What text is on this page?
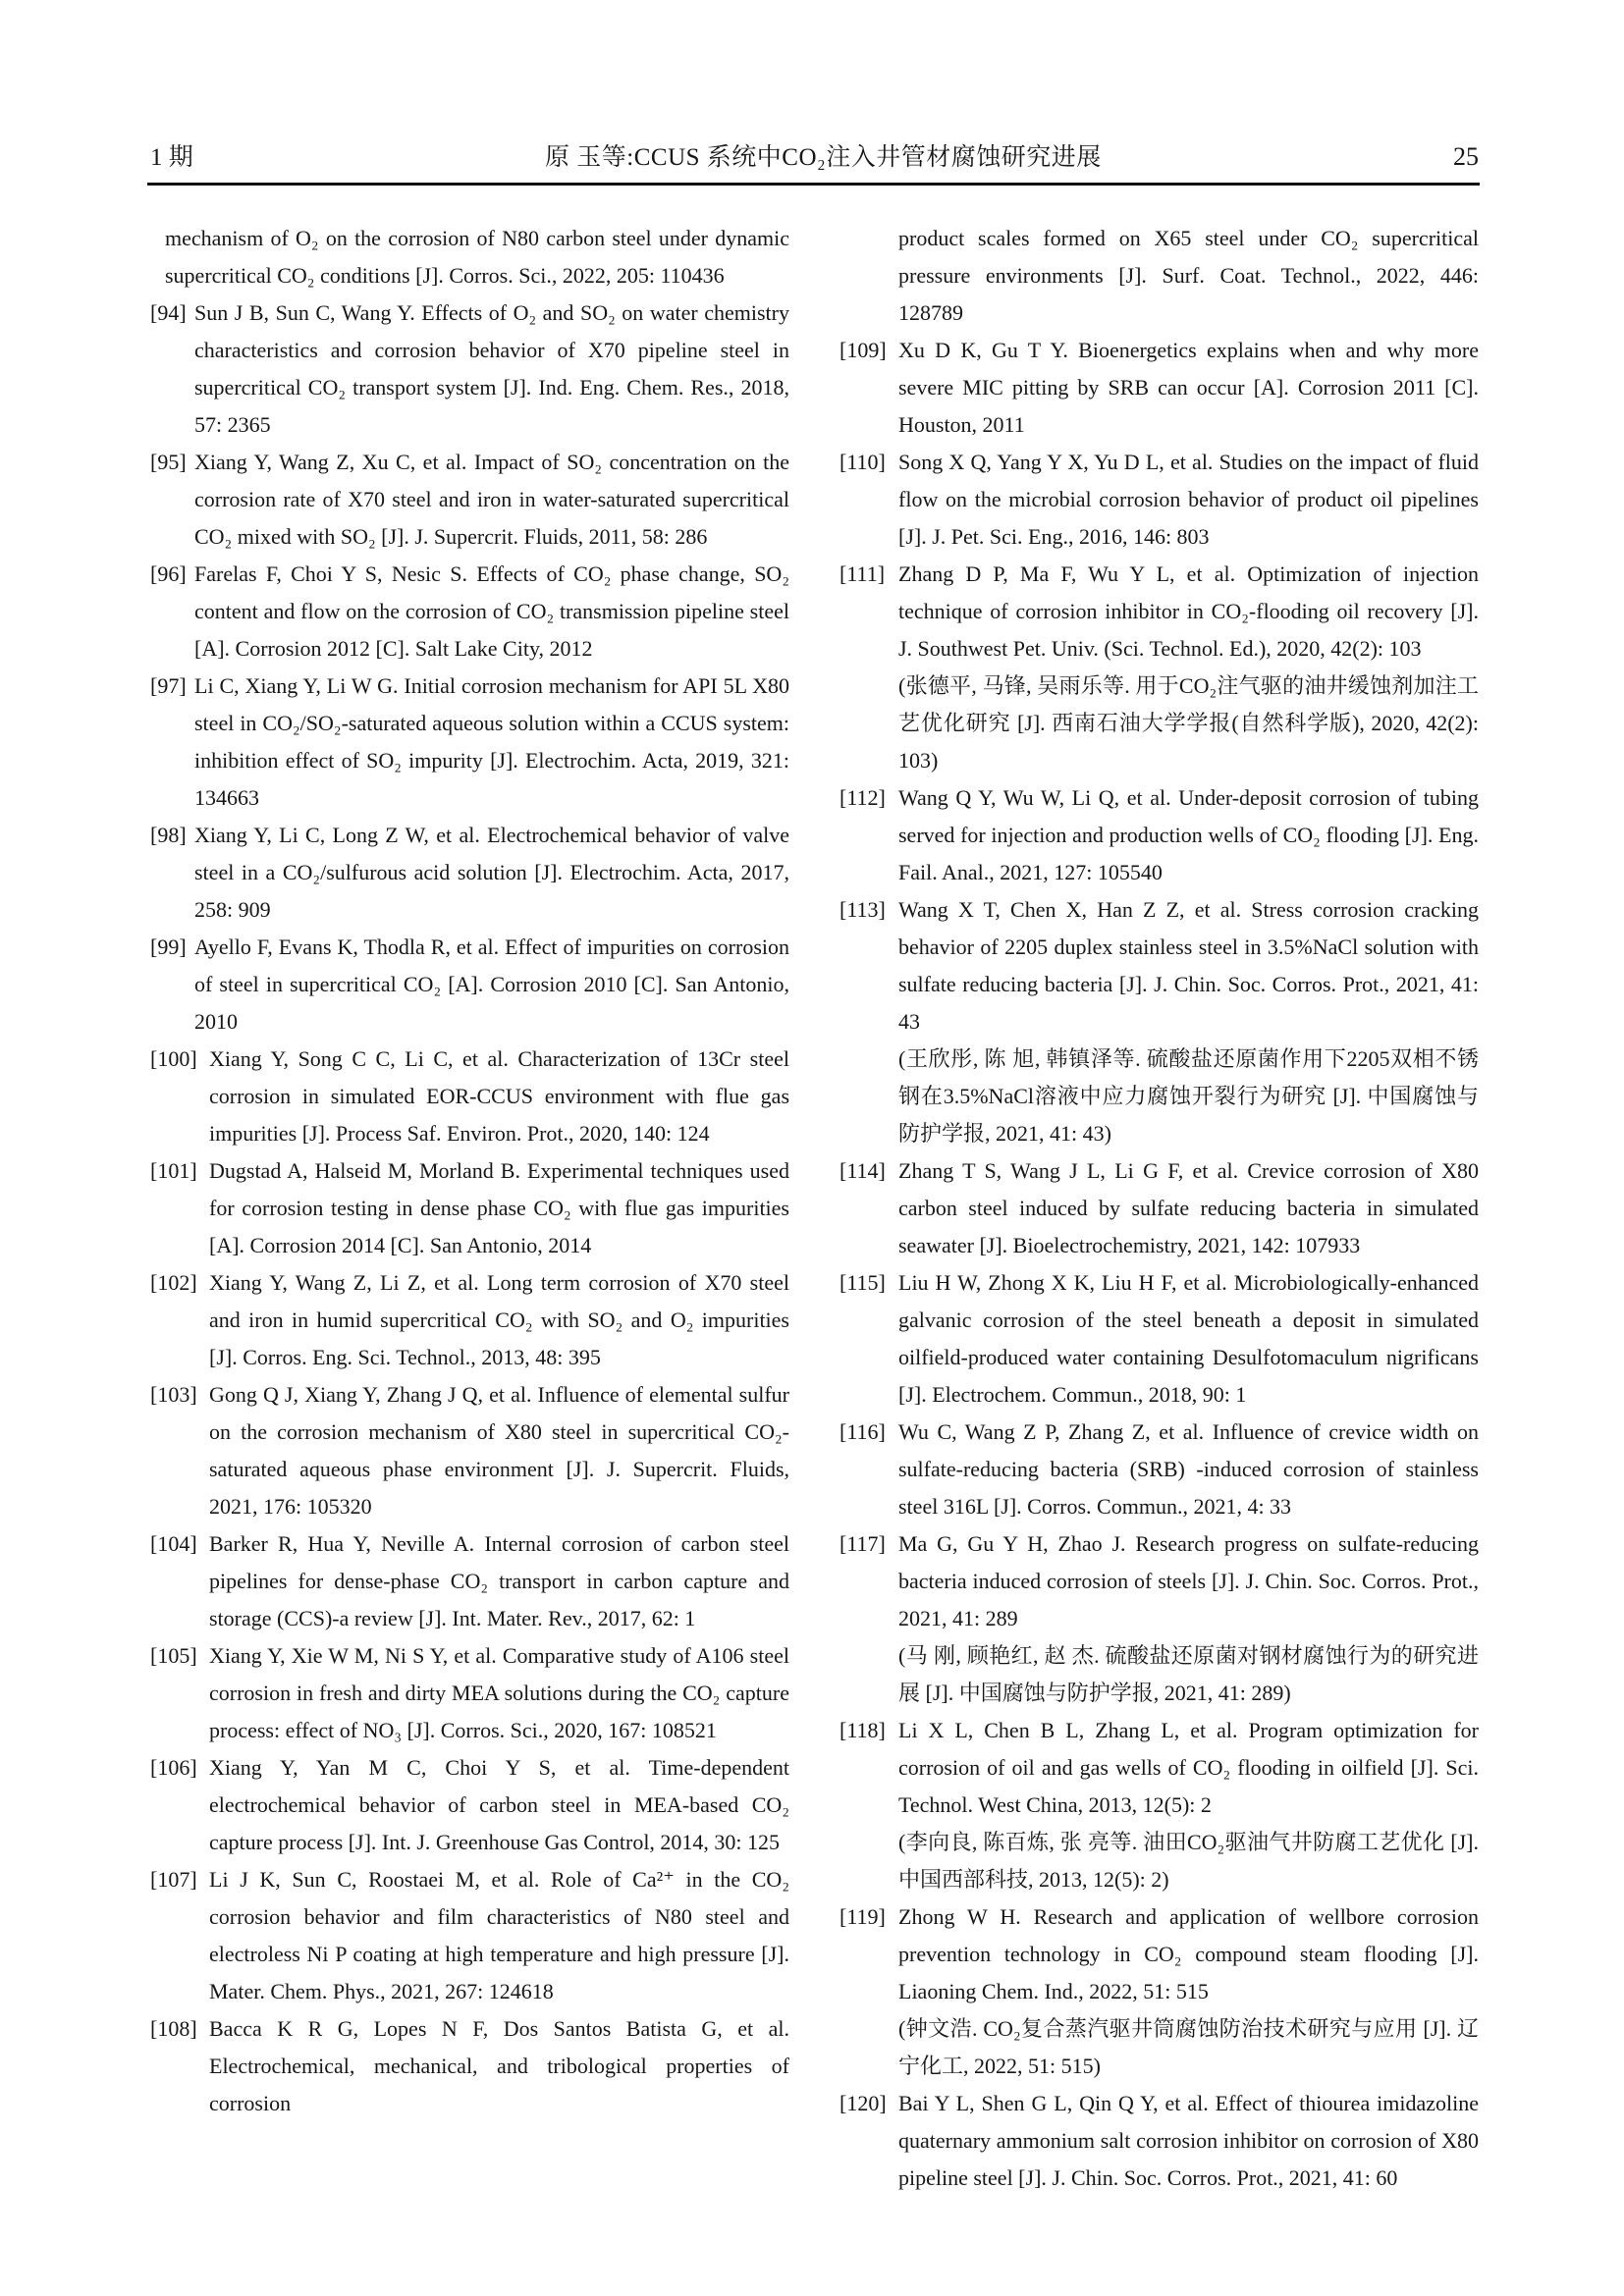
1 期	原 玉等:CCUS 系统中CO₂注入井管材腐蚀研究进展	25
mechanism of O₂ on the corrosion of N80 carbon steel under dynamic supercritical CO₂ conditions [J]. Corros. Sci., 2022, 205: 110436
[94] Sun J B, Sun C, Wang Y. Effects of O₂ and SO₂ on water chemistry characteristics and corrosion behavior of X70 pipeline steel in supercritical CO₂ transport system [J]. Ind. Eng. Chem. Res., 2018, 57: 2365
[95] Xiang Y, Wang Z, Xu C, et al. Impact of SO₂ concentration on the corrosion rate of X70 steel and iron in water-saturated supercritical CO₂ mixed with SO₂ [J]. J. Supercrit. Fluids, 2011, 58: 286
[96] Farelas F, Choi Y S, Nesic S. Effects of CO₂ phase change, SO₂ content and flow on the corrosion of CO₂ transmission pipeline steel [A]. Corrosion 2012 [C]. Salt Lake City, 2012
[97] Li C, Xiang Y, Li W G. Initial corrosion mechanism for API 5L X80 steel in CO₂/SO₂-saturated aqueous solution within a CCUS system: inhibition effect of SO₂ impurity [J]. Electrochim. Acta, 2019, 321: 134663
[98] Xiang Y, Li C, Long Z W, et al. Electrochemical behavior of valve steel in a CO₂/sulfurous acid solution [J]. Electrochim. Acta, 2017, 258: 909
[99] Ayello F, Evans K, Thodla R, et al. Effect of impurities on corrosion of steel in supercritical CO₂ [A]. Corrosion 2010 [C]. San Antonio, 2010
[100] Xiang Y, Song C C, Li C, et al. Characterization of 13Cr steel corrosion in simulated EOR-CCUS environment with flue gas impurities [J]. Process Saf. Environ. Prot., 2020, 140: 124
[101] Dugstad A, Halseid M, Morland B. Experimental techniques used for corrosion testing in dense phase CO₂ with flue gas impurities [A]. Corrosion 2014 [C]. San Antonio, 2014
[102] Xiang Y, Wang Z, Li Z, et al. Long term corrosion of X70 steel and iron in humid supercritical CO₂ with SO₂ and O₂ impurities [J]. Corros. Eng. Sci. Technol., 2013, 48: 395
[103] Gong Q J, Xiang Y, Zhang J Q, et al. Influence of elemental sulfur on the corrosion mechanism of X80 steel in supercritical CO₂-saturated aqueous phase environment [J]. J. Supercrit. Fluids, 2021, 176: 105320
[104] Barker R, Hua Y, Neville A. Internal corrosion of carbon steel pipelines for dense-phase CO₂ transport in carbon capture and storage (CCS)-a review [J]. Int. Mater. Rev., 2017, 62: 1
[105] Xiang Y, Xie W M, Ni S Y, et al. Comparative study of A106 steel corrosion in fresh and dirty MEA solutions during the CO₂ capture process: effect of NO₃ [J]. Corros. Sci., 2020, 167: 108521
[106] Xiang Y, Yan M C, Choi Y S, et al. Time-dependent electrochemical behavior of carbon steel in MEA-based CO₂ capture process [J]. Int. J. Greenhouse Gas Control, 2014, 30: 125
[107] Li J K, Sun C, Roostaei M, et al. Role of Ca²⁺ in the CO₂ corrosion behavior and film characteristics of N80 steel and electroless Ni P coating at high temperature and high pressure [J]. Mater. Chem. Phys., 2021, 267: 124618
[108] Bacca K R G, Lopes N F, Dos Santos Batista G, et al. Electrochemical, mechanical, and tribological properties of corrosion
product scales formed on X65 steel under CO₂ supercritical pressure environments [J]. Surf. Coat. Technol., 2022, 446: 128789
[109] Xu D K, Gu T Y. Bioenergetics explains when and why more severe MIC pitting by SRB can occur [A]. Corrosion 2011 [C]. Houston, 2011
[110] Song X Q, Yang Y X, Yu D L, et al. Studies on the impact of fluid flow on the microbial corrosion behavior of product oil pipelines [J]. J. Pet. Sci. Eng., 2016, 146: 803
[111] Zhang D P, Ma F, Wu Y L, et al. Optimization of injection technique of corrosion inhibitor in CO₂-flooding oil recovery [J]. J. Southwest Pet. Univ. (Sci. Technol. Ed.), 2020, 42(2): 103
(张德平, 马锋, 吴雨乐等. 用于CO₂注气驱的油井缓蚀剂加注工艺优化研究 [J]. 西南石油大学学报(自然科学版), 2020, 42(2): 103)
[112] Wang Q Y, Wu W, Li Q, et al. Under-deposit corrosion of tubing served for injection and production wells of CO₂ flooding [J]. Eng. Fail. Anal., 2021, 127: 105540
[113] Wang X T, Chen X, Han Z Z, et al. Stress corrosion cracking behavior of 2205 duplex stainless steel in 3.5%NaCl solution with sulfate reducing bacteria [J]. J. Chin. Soc. Corros. Prot., 2021, 41: 43
(王欣彤, 陈 旭, 韩镇泽等. 硫酸盐还原菌作用下2205双相不锈钢在3.5%NaCl溶液中应力腐蚀开裂行为研究 [J]. 中国腐蚀与防护学报, 2021, 41: 43)
[114] Zhang T S, Wang J L, Li G F, et al. Crevice corrosion of X80 carbon steel induced by sulfate reducing bacteria in simulated seawater [J]. Bioelectrochemistry, 2021, 142: 107933
[115] Liu H W, Zhong X K, Liu H F, et al. Microbiologically-enhanced galvanic corrosion of the steel beneath a deposit in simulated oilfield-produced water containing Desulfotomaculum nigrificans [J]. Electrochem. Commun., 2018, 90: 1
[116] Wu C, Wang Z P, Zhang Z, et al. Influence of crevice width on sulfate-reducing bacteria (SRB) -induced corrosion of stainless steel 316L [J]. Corros. Commun., 2021, 4: 33
[117] Ma G, Gu Y H, Zhao J. Research progress on sulfate-reducing bacteria induced corrosion of steels [J]. J. Chin. Soc. Corros. Prot., 2021, 41: 289
(马 刚, 顾艳红, 赵 杰. 硫酸盐还原菌对钢材腐蚀行为的研究进展 [J]. 中国腐蚀与防护学报, 2021, 41: 289)
[118] Li X L, Chen B L, Zhang L, et al. Program optimization for corrosion of oil and gas wells of CO₂ flooding in oilfield [J]. Sci. Technol. West China, 2013, 12(5): 2
(李向良, 陈百炼, 张 亮等. 油田CO₂驱油气井防腐工艺优化 [J]. 中国西部科技, 2013, 12(5): 2)
[119] Zhong W H. Research and application of wellbore corrosion prevention technology in CO₂ compound steam flooding [J]. Liaoning Chem. Ind., 2022, 51: 515
(钟文浩. CO₂复合蒸汽驱井筒腐蚀防治技术研究与应用 [J]. 辽宁化工, 2022, 51: 515)
[120] Bai Y L, Shen G L, Qin Q Y, et al. Effect of thiourea imidazoline quaternary ammonium salt corrosion inhibitor on corrosion of X80 pipeline steel [J]. J. Chin. Soc. Corros. Prot., 2021, 41: 60
